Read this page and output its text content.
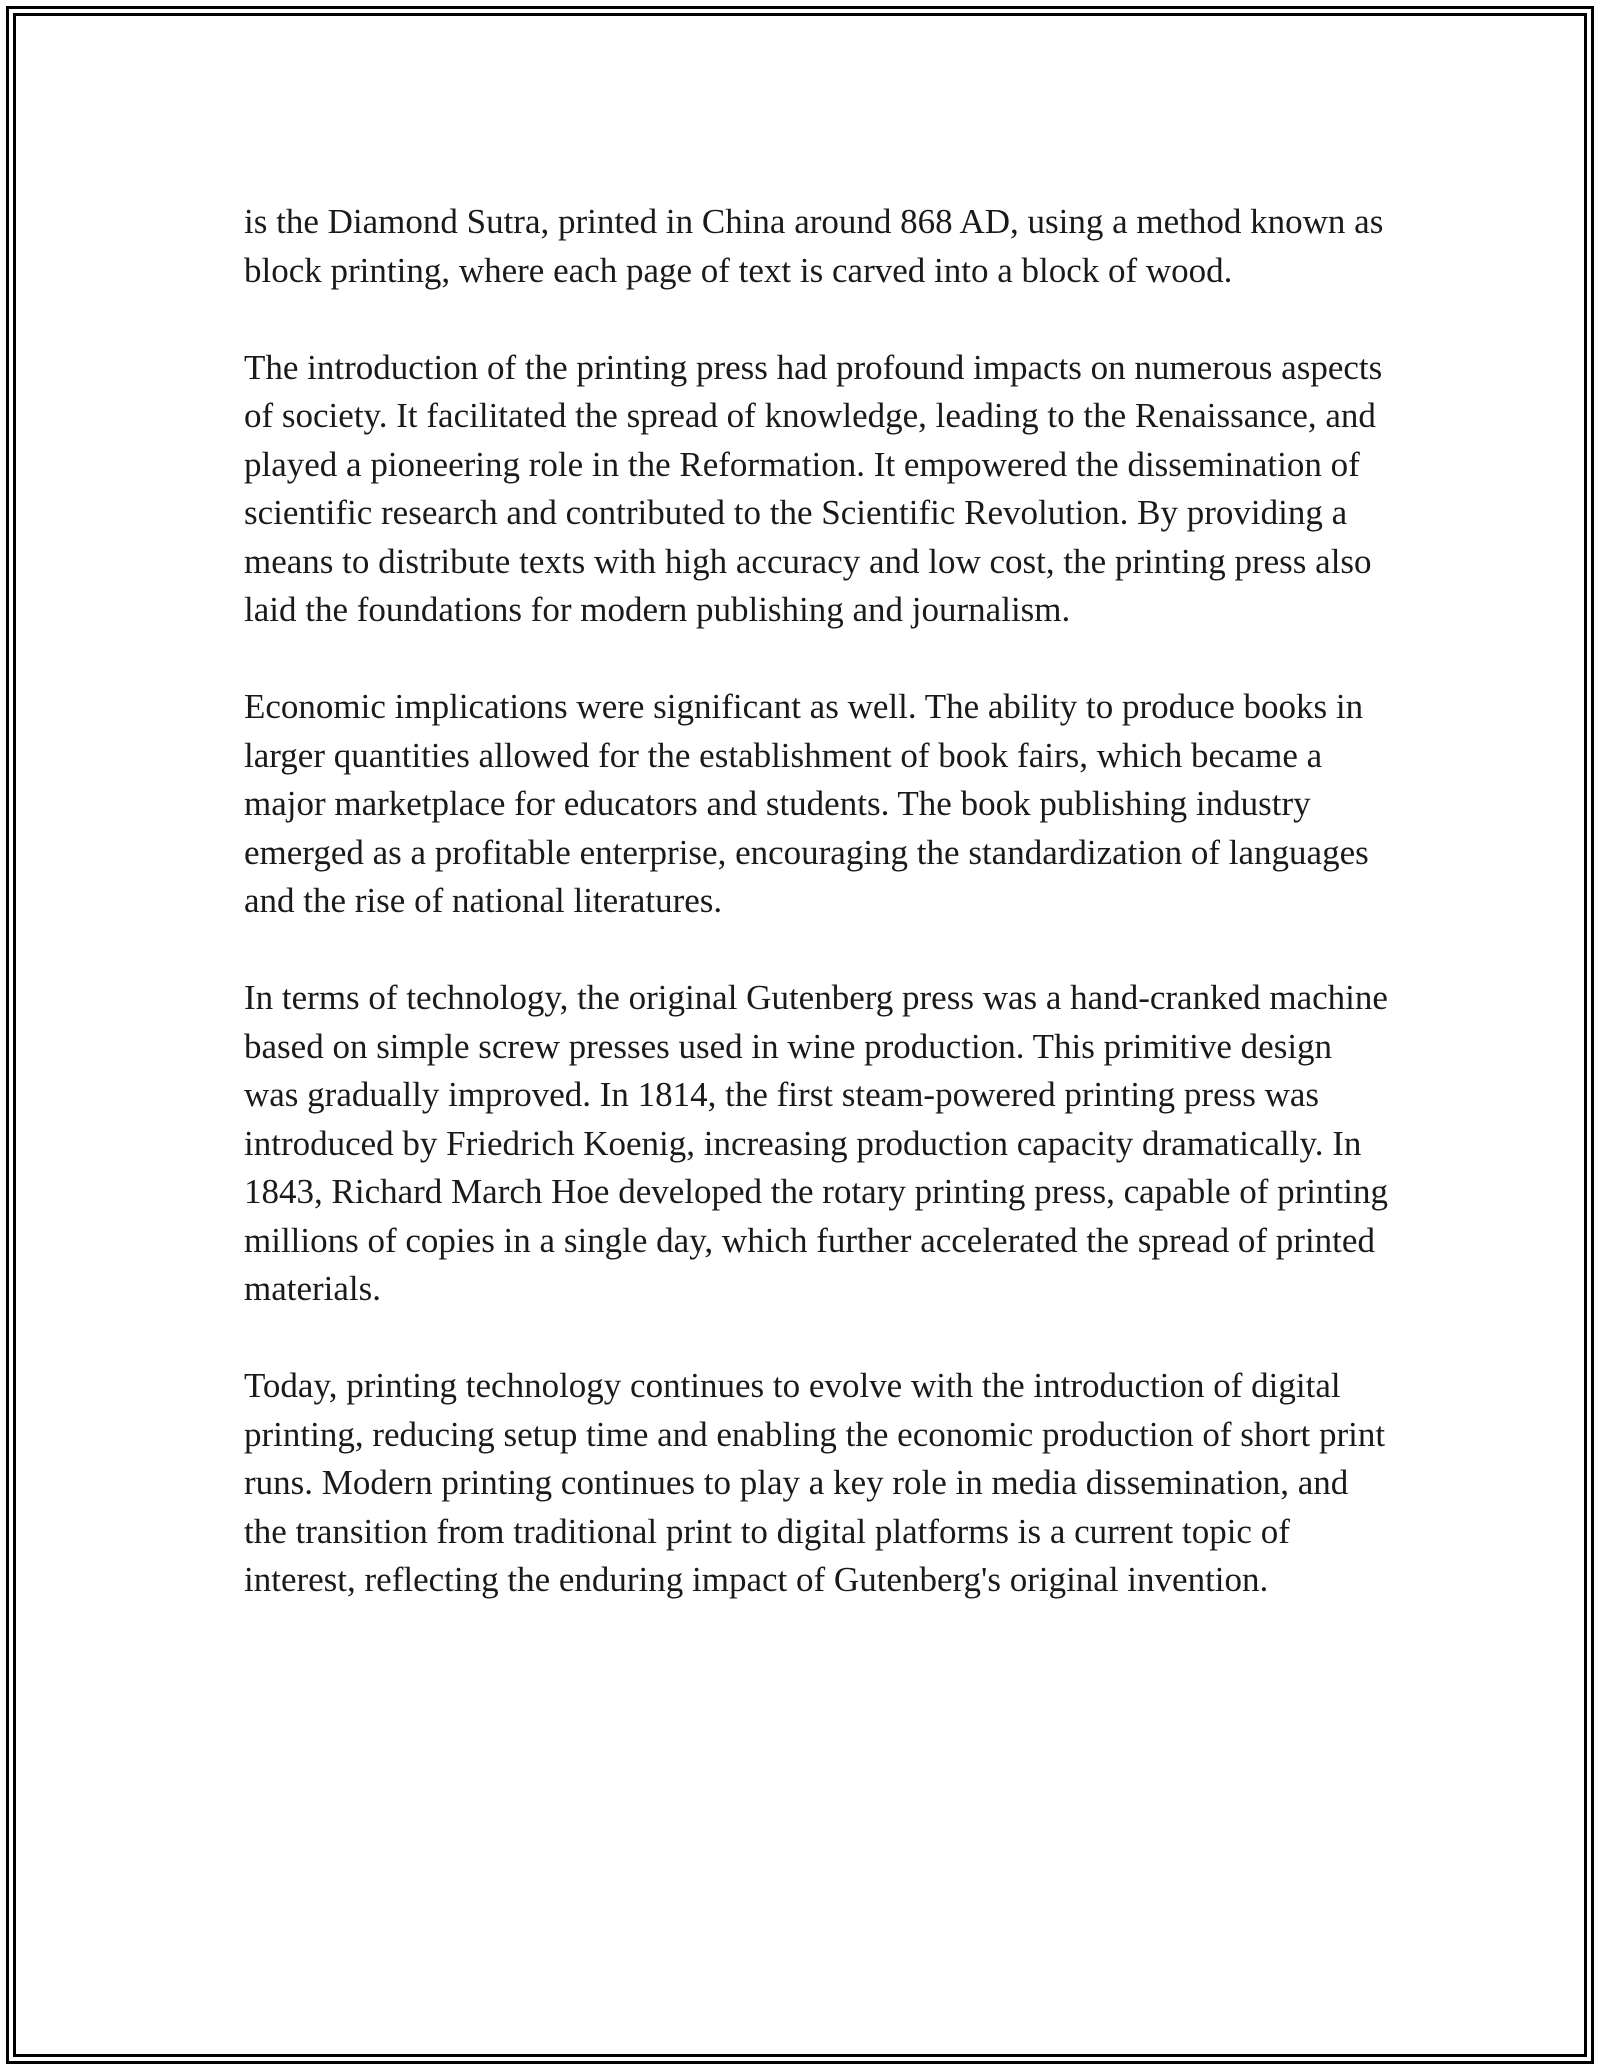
is the Diamond Sutra, printed in China around 868 AD, using a method known as block printing, where each page of text is carved into a block of wood.

The introduction of the printing press had profound impacts on numerous aspects of society. It facilitated the spread of knowledge, leading to the Renaissance, and played a pioneering role in the Reformation. It empowered the dissemination of scientific research and contributed to the Scientific Revolution. By providing a means to distribute texts with high accuracy and low cost, the printing press also laid the foundations for modern publishing and journalism.

Economic implications were significant as well. The ability to produce books in larger quantities allowed for the establishment of book fairs, which became a major marketplace for educators and students. The book publishing industry emerged as a profitable enterprise, encouraging the standardization of languages and the rise of national literatures.

In terms of technology, the original Gutenberg press was a hand-cranked machine based on simple screw presses used in wine production. This primitive design was gradually improved. In 1814, the first steam-powered printing press was introduced by Friedrich Koenig, increasing production capacity dramatically. In 1843, Richard March Hoe developed the rotary printing press, capable of printing millions of copies in a single day, which further accelerated the spread of printed materials.

Today, printing technology continues to evolve with the introduction of digital printing, reducing setup time and enabling the economic production of short print runs. Modern printing continues to play a key role in media dissemination, and the transition from traditional print to digital platforms is a current topic of interest, reflecting the enduring impact of Gutenberg's original invention.
